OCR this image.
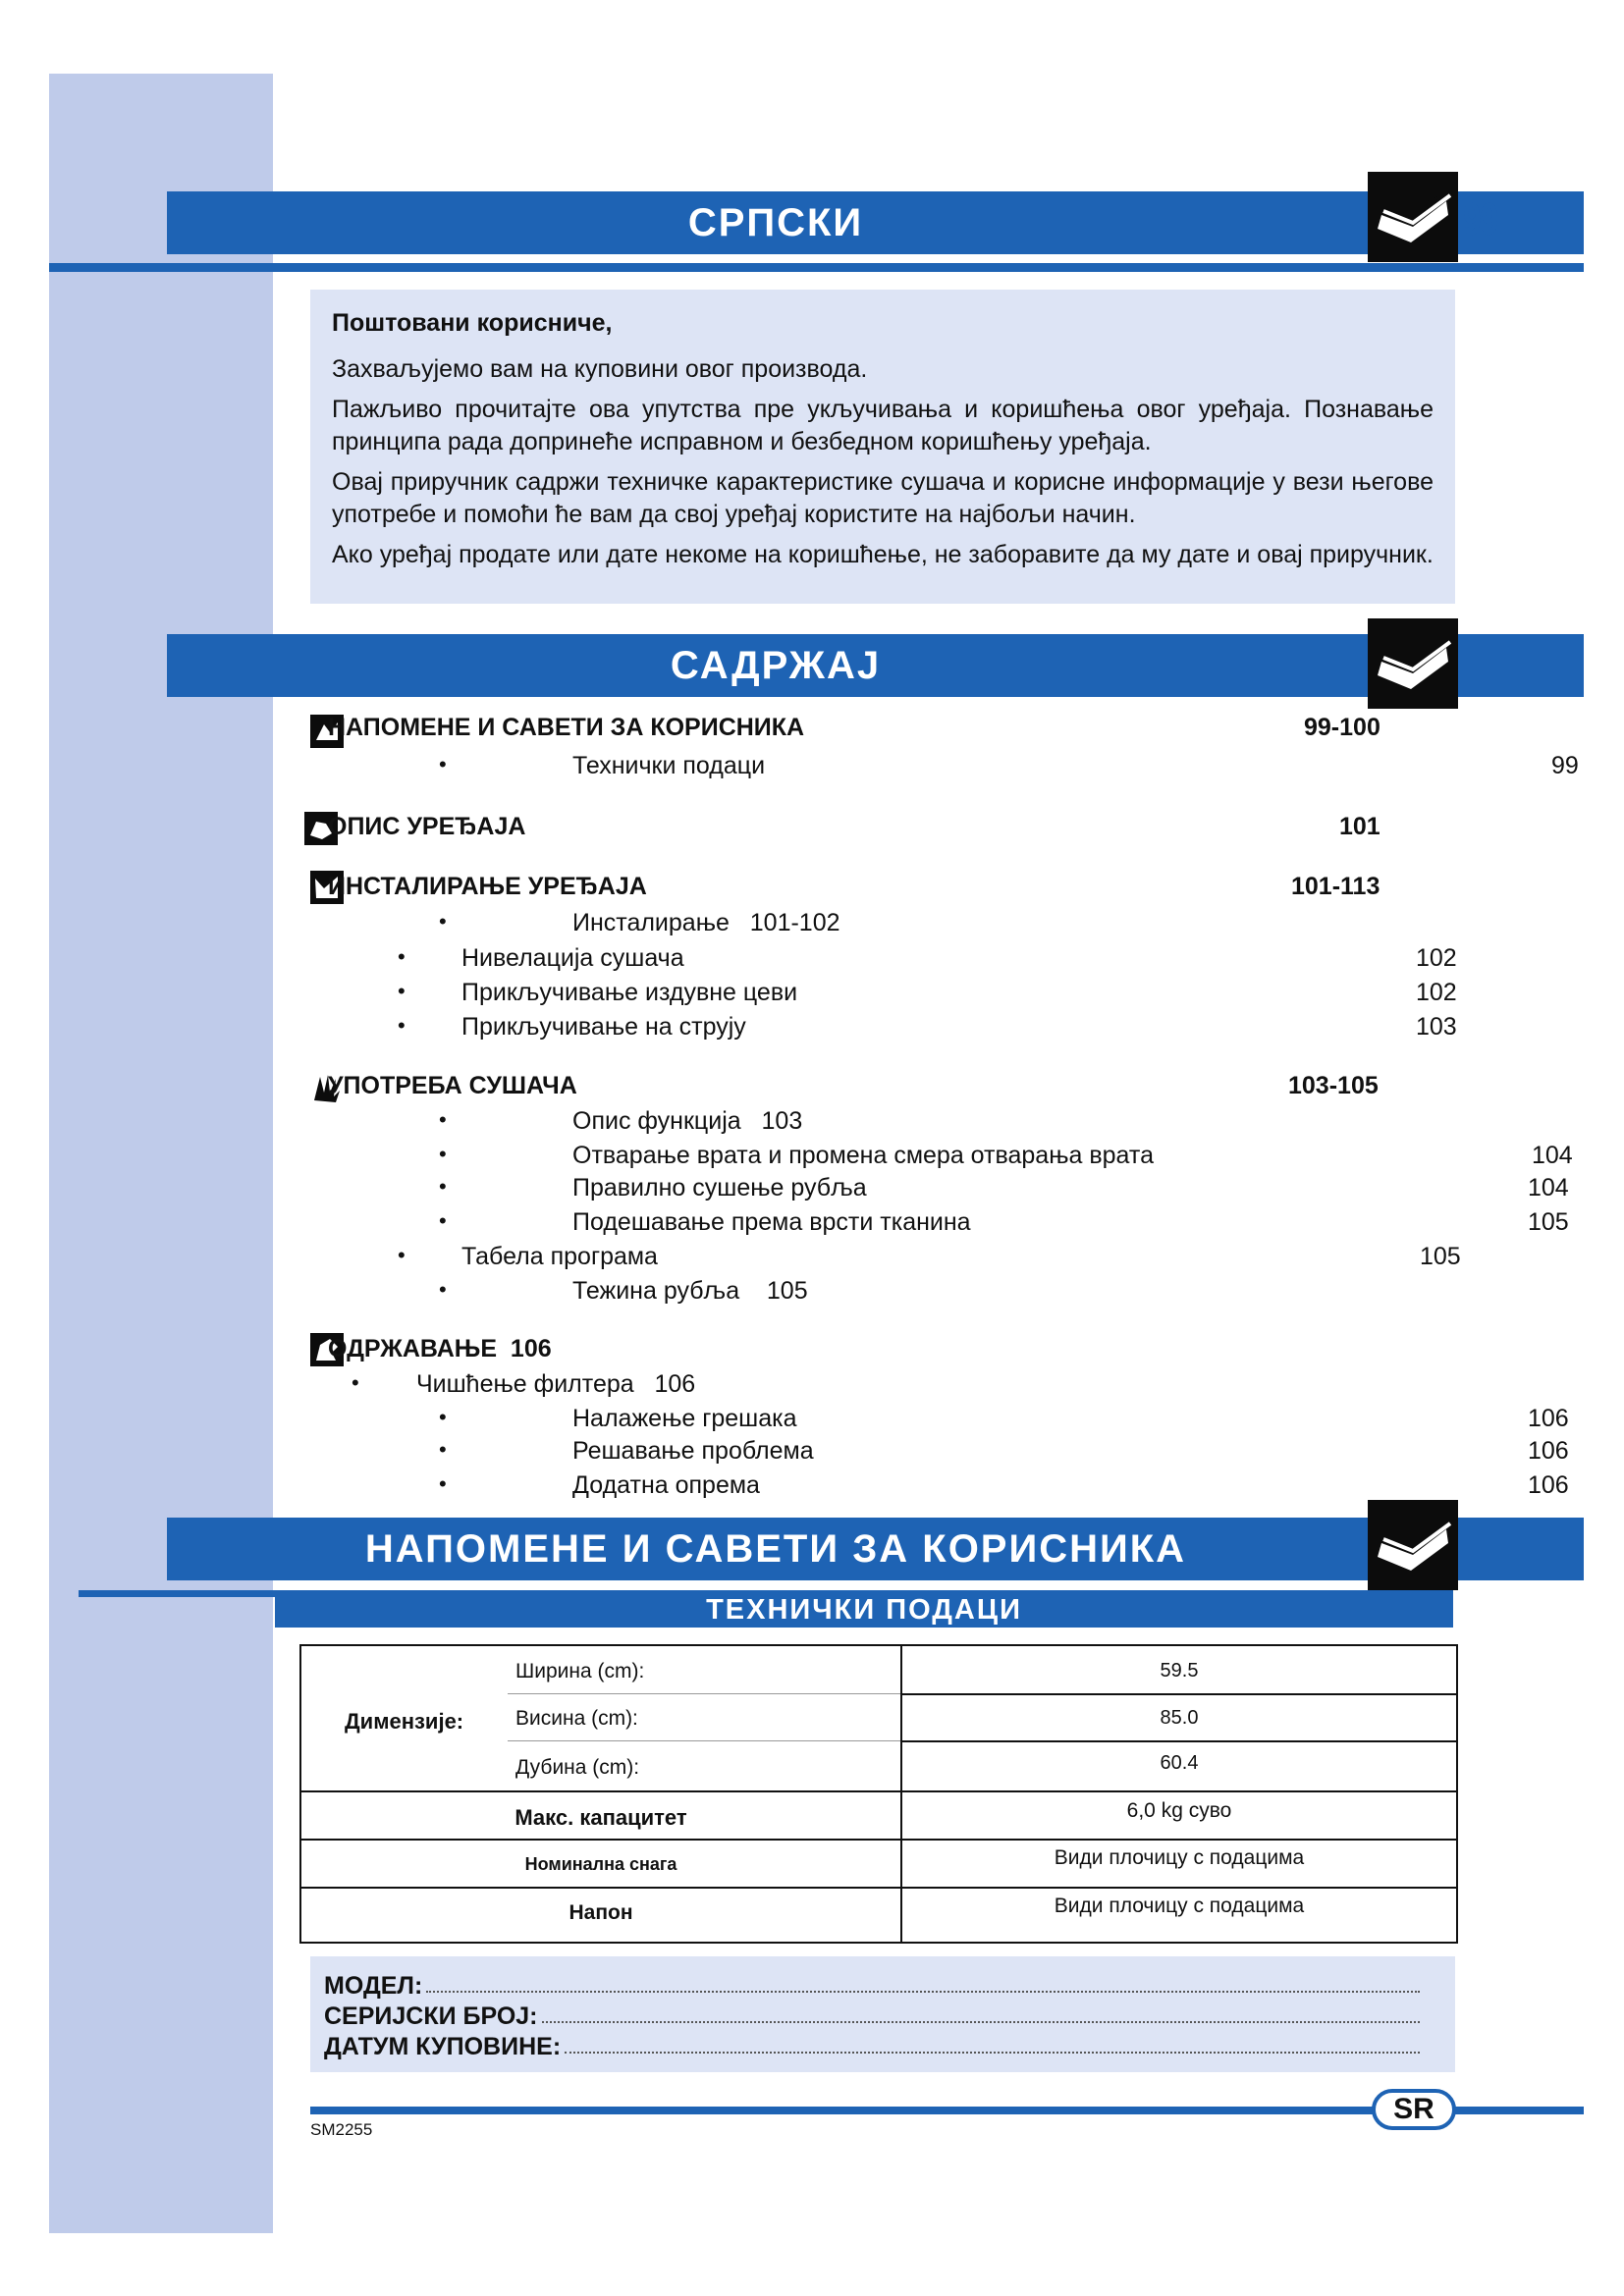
СРПСКИ	99

Поштовани корисниче,

Захваљујемо вам на куповини овог производа.

Пажљиво прочитајте ова упутства пре укључивања и коришћења овог уређаја. Познавање принципа рада допринеће исправном и безбедном коришћењу уређаја.

Овај приручник садржи техничке карактеристике сушача и корисне информације у вези његове употребе и помоћи ће вам да свој уређај користите на најбољи начин.

Ако уређај продате или дате некоме на коришћење, не заборавите да му дате и овај приручник.

САДРЖАЈ
НАПОМЕНЕ И САВЕТИ ЗА КОРИСНИКА	99-100
•	Технички подаци	99
ОПИС УРЕЂАЈА	101
ИНСТАЛИРАЊЕ УРЕЂАЈА	101-113
•	Инсталирање   101-102
• Нивелација сушача	102
• Прикључивање издувне цеви	102
• Прикључивање на струју	103
УПОТРЕБА СУШАЧА	103-105
•	Опис функција   103
•	Отварање врата и промена смера отварања врата	104
•	Правилно сушење рубља	104
•	Подешавање према врсти тканина	105
• Табела програма	105
•	Тежина рубља    105
ОДРЖАВАЊЕ  106
• Чишћење филтера   106
•	Налажење грешака	106
•	Решавање проблема	106
•	Додатна опрема	106
НАПОМЕНЕ И САВЕТИ ЗА КОРИСНИКА
ТЕХНИЧКИ ПОДАЦИ
Димензије:
Ширина (cm):	59.5
Висина (cm):	85.0
Дубина (cm):	60.4
Макс. капацитет	6,0 kg суво
Номинална снага	Види плочицу с подацима
Напон	Види плочицу с подацима
МОДЕЛ:
СЕРИЈСКИ БРОЈ:
ДАТУМ КУПОВИНЕ:
SR
SM2255
